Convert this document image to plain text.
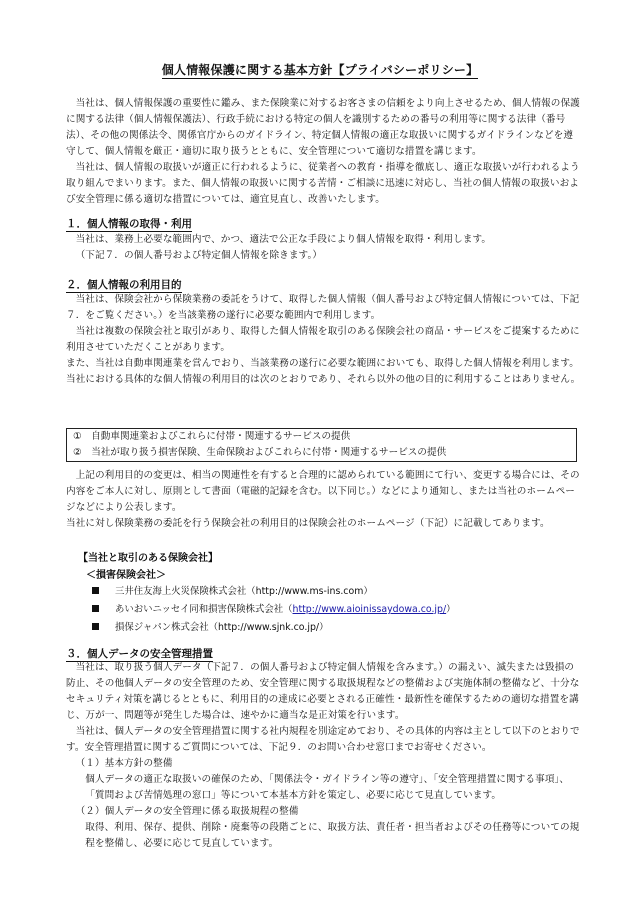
個人情報保護に関する基本方針【プライバシーポリシー】

当社は、個人情報保護の重要性に鑑み、また保険業に対するお客さまの信頼をより向上させるため、個人情報の保護に関する法律（個人情報保護法）、行政手続における特定の個人を識別するための番号の利用等に関する法律（番号法）、その他の関係法令、関係官庁からのガイドライン、特定個人情報の適正な取扱いに関するガイドラインなどを遵守して、個人情報を厳正・適切に取り扱うとともに、安全管理について適切な措置を講じます。

当社は、個人情報の取扱いが適正に行われるように、従業者への教育・指導を徹底し、適正な取扱いが行われるよう取り組んでまいります。また、個人情報の取扱いに関する苦情・ご相談に迅速に対応し、当社の個人情報の取扱いおよび安全管理に係る適切な措置については、適宜見直し、改善いたします。

１．個人情報の取得・利用

当社は、業務上必要な範囲内で、かつ、適法で公正な手段により個人情報を取得・利用します。

（下記７．の個人番号および特定個人情報を除きます。）

２．個人情報の利用目的

当社は、保険会社から保険業務の委託をうけて、取得した個人情報（個人番号および特定個人情報については、下記７．をご覧ください。）を当該業務の遂行に必要な範囲内で利用します。

当社は複数の保険会社と取引があり、取得した個人情報を取引のある保険会社の商品・サービスをご提案するために利用させていただくことがあります。

また、当社は自動車関連業を営んでおり、当該業務の遂行に必要な範囲においても、取得した個人情報を利用します。

当社における具体的な個人情報の利用目的は次のとおりであり、それら以外の他の目的に利用することはありません。

①　自動車関連業およびこれらに付帯・関連するサービスの提供

②　当社が取り扱う損害保険、生命保険およびこれらに付帯・関連するサービスの提供

上記の利用目的の変更は、相当の関連性を有すると合理的に認められている範囲にて行い、変更する場合には、その内容をご本人に対し、原則として書面（電磁的記録を含む。以下同じ。）などにより通知し、または当社のホームページなどにより公表します。

当社に対し保険業務の委託を行う保険会社の利用目的は保険会社のホームページ（下記）に記載してあります。

【当社と取引のある保険会社】
＜損害保険会社＞
三井住友海上火災保険株式会社（http://www.ms-ins.com）
あいおいニッセイ同和損害保険株式会社（http://www.aioinissaydowa.co.jp/）
損保ジャパン株式会社（http://www.sjnk.co.jp/）
３．個人データの安全管理措置

当社は、取り扱う個人データ（下記７．の個人番号および特定個人情報を含みます。）の漏えい、滅失または毀損の防止、その他個人データの安全管理のため、安全管理に関する取扱規程などの整備および実施体制の整備など、十分なセキュリティ対策を講じるとともに、利用目的の達成に必要とされる正確性・最新性を確保するための適切な措置を講じ、万が一、問題等が発生した場合は、速やかに適当な是正対策を行います。

当社は、個人データの安全管理措置に関する社内規程を別途定めており、その具体的内容は主として以下のとおりです。安全管理措置に関するご質問については、下記９．のお問い合わせ窓口までお寄せください。

（１）基本方針の整備

個人データの適正な取扱いの確保のため、「関係法令・ガイドライン等の遵守」、「安全管理措置に関する事項」、「質問および苦情処理の窓口」等について本基本方針を策定し、必要に応じて見直しています。

（２）個人データの安全管理に係る取扱規程の整備

取得、利用、保存、提供、削除・廃棄等の段階ごとに、取扱方法、責任者・担当者およびその任務等についての規程を整備し、必要に応じて見直しています。
